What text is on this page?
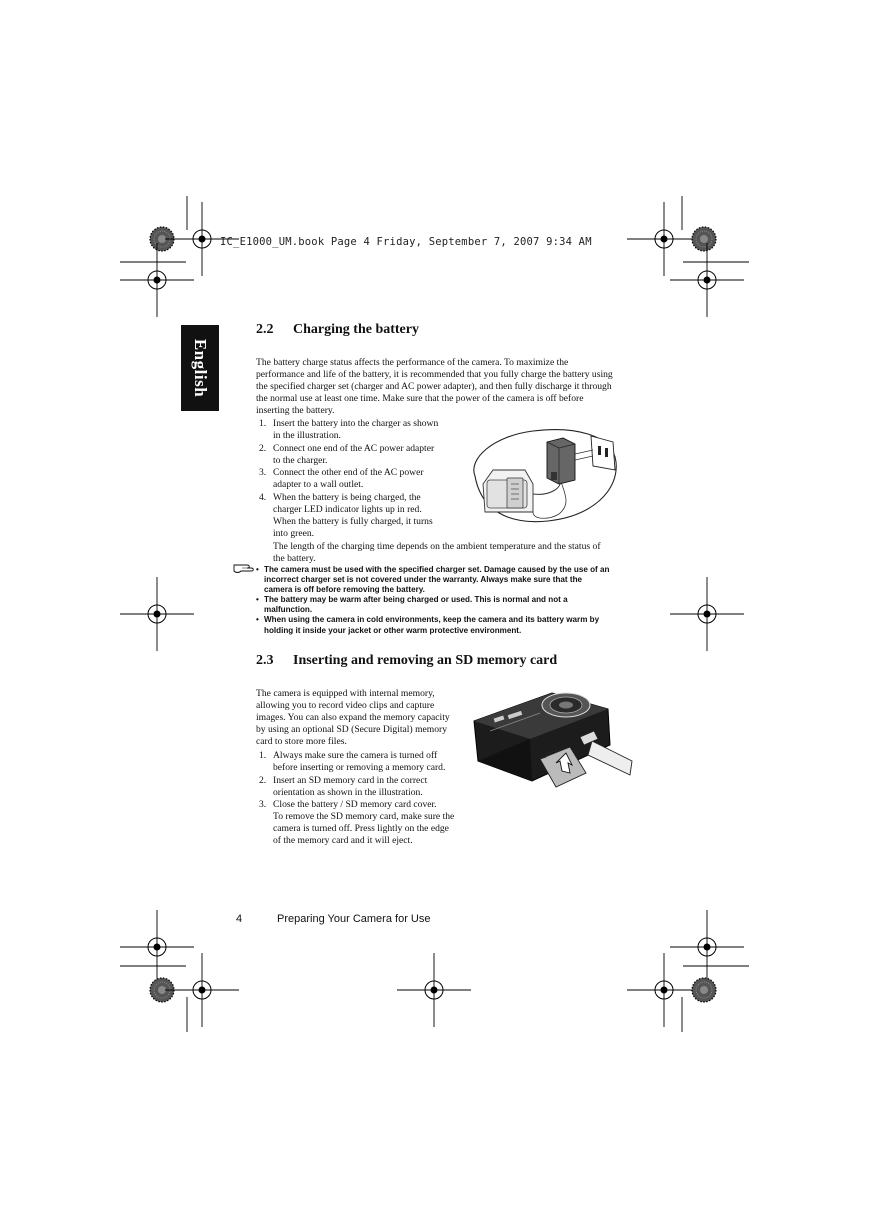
IC_E1000_UM.book Page 4 Friday, September 7, 2007 9:34 AM
English
2.2 Charging the battery

The battery charge status affects the performance of the camera. To maximize the

performance and life of the battery, it is recommended that you fully charge the battery using

the specified charger set (charger and AC power adapter), and then fully discharge it through

the normal use at least one time. Make sure that the power of the camera is off before

inserting the battery.

1. Insert the battery into the charger as shown
in the illustration.
2. Connect one end of the AC power adapter
to the charger.
3. Connect the other end of the AC power
adapter to a wall outlet.
4. When the battery is being charged, the
charger LED indicator lights up in red.
When the battery is fully charged, it turns
into green.

The length of the charging time depends on the ambient temperature and the status of

the battery.

• The camera must be used with the specified charger set. Damage caused by the use of an
incorrect charger set is not covered under the warranty. Always make sure that the
camera is off before removing the battery.
• The battery may be warm after being charged or used. This is normal and not a
malfunction.
• When using the camera in cold environments, keep the camera and its battery warm by
holding it inside your jacket or other warm protective environment.
2.3 Inserting and removing an SD memory card

The camera is equipped with internal memory,

allowing you to record video clips and capture

images. You can also expand the memory capacity

by using an optional SD (Secure Digital) memory

card to store more files.

1. Always make sure the camera is turned off
before inserting or removing a memory card.
2. Insert an SD memory card in the correct
orientation as shown in the illustration.
3. Close the battery / SD memory card cover.

To remove the SD memory card, make sure the

camera is turned off. Press lightly on the edge

of the memory card and it will eject.

4	Preparing Your Camera for Use
